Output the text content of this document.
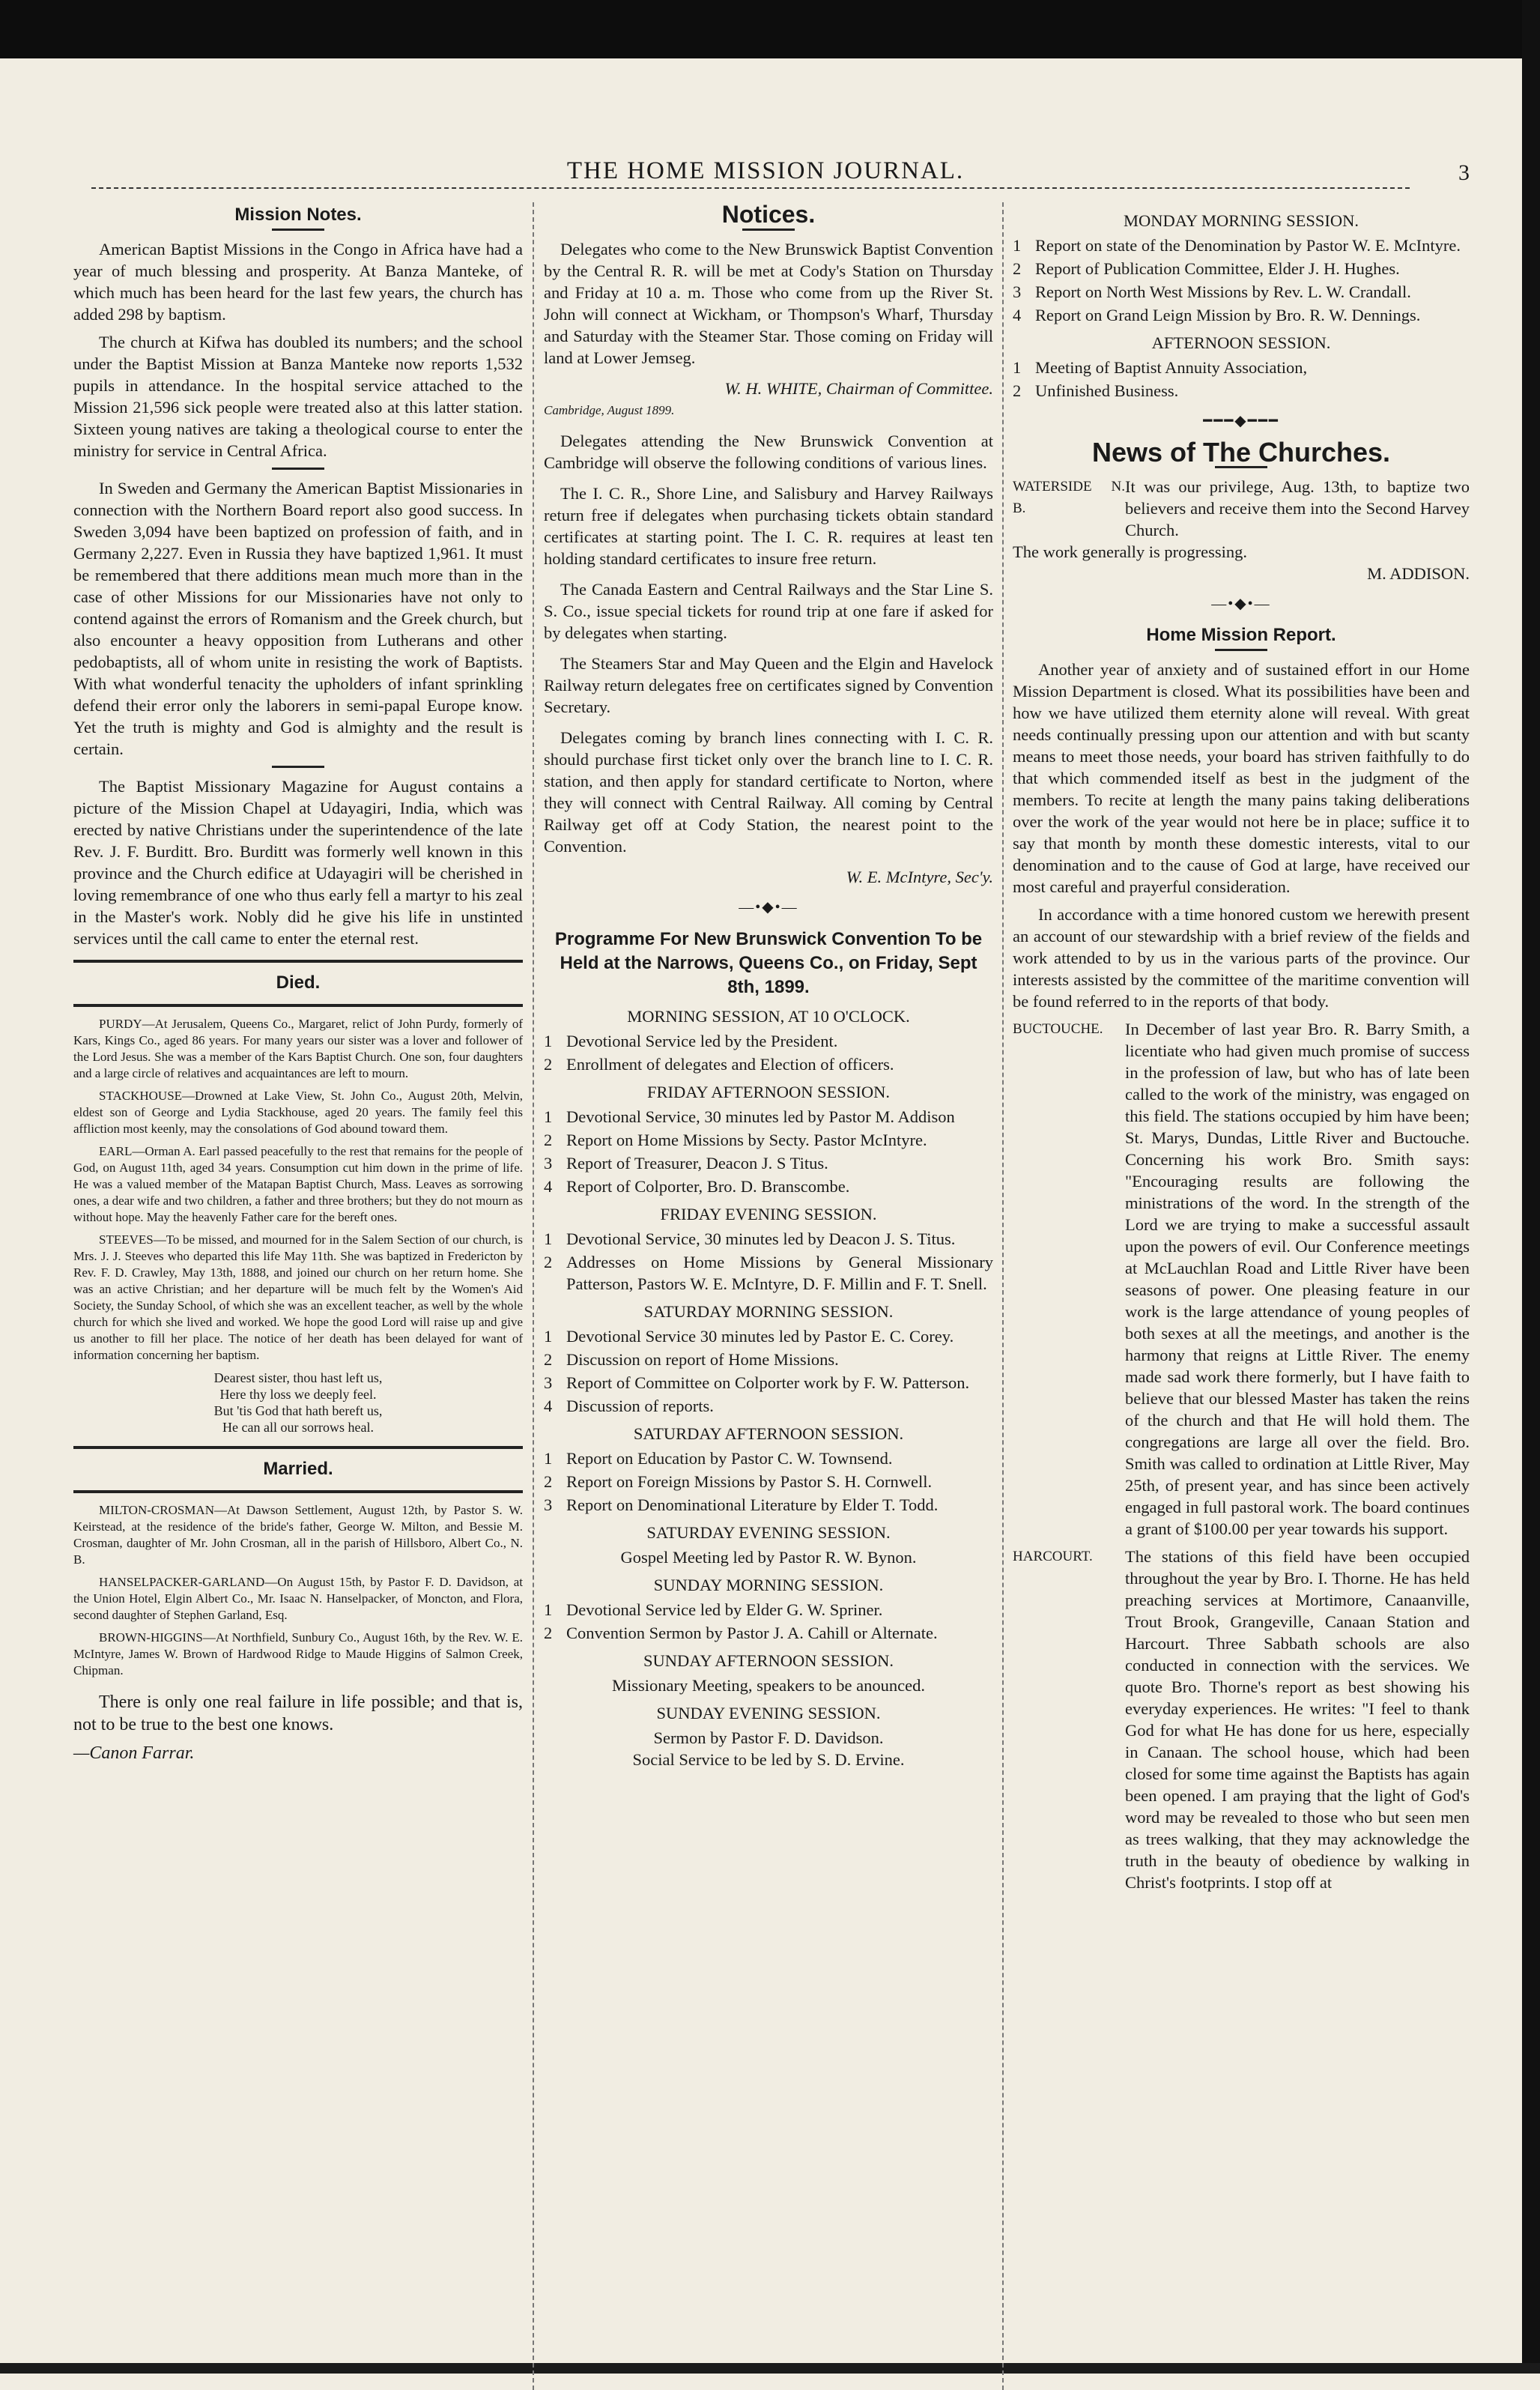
THE HOME MISSION JOURNAL.	3
Mission Notes.

American Baptist Missions in the Congo in Africa have had a year of much blessing and prosperity. At Banza Manteke, of which much has been heard for the last few years, the church has added 298 by baptism.

The church at Kifwa has doubled its numbers; and the school under the Baptist Mission at Banza Manteke now reports 1,532 pupils in attendance. In the hospital service attached to the Mission 21,596 sick people were treated also at this latter station. Sixteen young natives are taking a theological course to enter the ministry for service in Central Africa.

In Sweden and Germany the American Baptist Missionaries in connection with the Northern Board report also good success. In Sweden 3,094 have been baptized on profession of faith, and in Germany 2,227. Even in Russia they have baptized 1,961. It must be remembered that there additions mean much more than in the case of other Missions for our Missionaries have not only to contend against the errors of Romanism and the Greek church, but also encounter a heavy opposition from Lutherans and other pedobaptists, all of whom unite in resisting the work of Baptists. With what wonderful tenacity the upholders of infant sprinkling defend their error only the laborers in semi-papal Europe know. Yet the truth is mighty and God is almighty and the result is certain.

The Baptist Missionary Magazine for August contains a picture of the Mission Chapel at Udayagiri, India, which was erected by native Christians under the superintendence of the late Rev. J. F. Burditt. Bro. Burditt was formerly well known in this province and the Church edifice at Udayagiri will be cherished in loving remembrance of one who thus early fell a martyr to his zeal in the Master's work. Nobly did he give his life in unstinted services until the call came to enter the eternal rest.

Died.

PURDY—At Jerusalem, Queens Co., Margaret, relict of John Purdy, formerly of Kars, Kings Co., aged 86 years. For many years our sister was a lover and follower of the Lord Jesus. She was a member of the Kars Baptist Church. One son, four daughters and a large circle of relatives and acquaintances are left to mourn.

STACKHOUSE—Drowned at Lake View, St. John Co., August 20th, Melvin, eldest son of George and Lydia Stackhouse, aged 20 years. The family feel this affliction most keenly, may the consolations of God abound toward them.

EARL—Orman A. Earl passed peacefully to the rest that remains for the people of God, on August 11th, aged 34 years. Consumption cut him down in the prime of life. He was a valued member of the Matapan Baptist Church, Mass. Leaves as sorrowing ones, a dear wife and two children, a father and three brothers; but they do not mourn as without hope. May the heavenly Father care for the bereft ones.

STEEVES—To be missed, and mourned for in the Salem Section of our church, is Mrs. J. J. Steeves who departed this life May 11th. She was baptized in Fredericton by Rev. F. D. Crawley, May 13th, 1888, and joined our church on her return home. She was an active Christian; and her departure will be much felt by the Women's Aid Society, the Sunday School, of which she was an excellent teacher, as well by the whole church for which she lived and worked. We hope the good Lord will raise up and give us another to fill her place. The notice of her death has been delayed for want of information concerning her baptism.

Dearest sister, thou hast left us,
Here thy loss we deeply feel.
But 'tis God that hath bereft us,
He can all our sorrows heal.
Married.

MILTON-CROSMAN—At Dawson Settlement, August 12th, by Pastor S. W. Keirstead, at the residence of the bride's father, George W. Milton, and Bessie M. Crosman, daughter of Mr. John Crosman, all in the parish of Hillsboro, Albert Co., N. B.

HANSELPACKER-GARLAND—On August 15th, by Pastor F. D. Davidson, at the Union Hotel, Elgin Albert Co., Mr. Isaac N. Hanselpacker, of Moncton, and Flora, second daughter of Stephen Garland, Esq.

BROWN-HIGGINS—At Northfield, Sunbury Co., August 16th, by the Rev. W. E. McIntyre, James W. Brown of Hardwood Ridge to Maude Higgins of Salmon Creek, Chipman.

There is only one real failure in life possible; and that is, not to be true to the best one knows.

—Canon Farrar.
Notices.

Delegates who come to the New Brunswick Baptist Convention by the Central R. R. will be met at Cody's Station on Thursday and Friday at 10 a. m. Those who come from up the River St. John will connect at Wickham, or Thompson's Wharf, Thursday and Saturday with the Steamer Star. Those coming on Friday will land at Lower Jemseg.

W. H. WHITE, Chairman of Committee.
Cambridge, August 1899.

Delegates attending the New Brunswick Convention at Cambridge will observe the following conditions of various lines.

The I. C. R., Shore Line, and Salisbury and Harvey Railways return free if delegates when purchasing tickets obtain standard certificates at starting point. The I. C. R. requires at least ten holding standard certificates to insure free return.

The Canada Eastern and Central Railways and the Star Line S. S. Co., issue special tickets for round trip at one fare if asked for by delegates when starting.

The Steamers Star and May Queen and the Elgin and Havelock Railway return delegates free on certificates signed by Convention Secretary.

Delegates coming by branch lines connecting with I. C. R. should purchase first ticket only over the branch line to I. C. R. station, and then apply for standard certificate to Norton, where they will connect with Central Railway. All coming by Central Railway get off at Cody Station, the nearest point to the Convention.

W. E. McIntyre, Sec'y.
—•◆•—
Programme For New Brunswick Convention To be Held at the Narrows, Queens Co., on Friday, Sept 8th, 1899.
MORNING SESSION, AT 10 O'CLOCK.
1 Devotional Service led by the President.
2 Enrollment of delegates and Election of officers.
FRIDAY AFTERNOON SESSION.
1 Devotional Service, 30 minutes led by Pastor M. Addison
2 Report on Home Missions by Secty. Pastor McIntyre.
3 Report of Treasurer, Deacon J. S Titus.
4 Report of Colporter, Bro. D. Branscombe.
FRIDAY EVENING SESSION.
1 Devotional Service, 30 minutes led by Deacon J. S. Titus.
2 Addresses on Home Missions by General Missionary Patterson, Pastors W. E. McIntyre, D. F. Millin and F. T. Snell.
SATURDAY MORNING SESSION.
1 Devotional Service 30 minutes led by Pastor E. C. Corey.
2 Discussion on report of Home Missions.
3 Report of Committee on Colporter work by F. W. Patterson.
4 Discussion of reports.
SATURDAY AFTERNOON SESSION.
1 Report on Education by Pastor C. W. Townsend.
2 Report on Foreign Missions by Pastor S. H. Cornwell.
3 Report on Denominational Literature by Elder T. Todd.
SATURDAY EVENING SESSION.
Gospel Meeting led by Pastor R. W. Bynon.
SUNDAY MORNING SESSION.
1 Devotional Service led by Elder G. W. Spriner.
2 Convention Sermon by Pastor J. A. Cahill or Alternate.
SUNDAY AFTERNOON SESSION.
Missionary Meeting, speakers to be anounced.
SUNDAY EVENING SESSION.
Sermon by Pastor F. D. Davidson.
Social Service to be led by S. D. Ervine.
MONDAY MORNING SESSION.
1 Report on state of the Denomination by Pastor W. E. McIntyre.
2 Report of Publication Committee, Elder J. H. Hughes.
3 Report on North West Missions by Rev. L. W. Crandall.
4 Report on Grand Leign Mission by Bro. R. W. Dennings.
AFTERNOON SESSION.
1 Meeting of Baptist Annuity Association,
2 Unfinished Business.
━━━◆━━━
News of The Churches.
WATERSIDE N. B.
It was our privilege, Aug. 13th, to baptize two believers and receive them into the Second Harvey Church.
The work generally is progressing.
M. ADDISON.
—•◆•—
Home Mission Report.

Another year of anxiety and of sustained effort in our Home Mission Department is closed. What its possibilities have been and how we have utilized them eternity alone will reveal. With great needs continually pressing upon our attention and with but scanty means to meet those needs, your board has striven faithfully to do that which commended itself as best in the judgment of the members. To recite at length the many pains taking deliberations over the work of the year would not here be in place; suffice it to say that month by month these domestic interests, vital to our denomination and to the cause of God at large, have received our most careful and prayerful consideration.

In accordance with a time honored custom we herewith present an account of our stewardship with a brief review of the fields and work attended to by us in the various parts of the province. Our interests assisted by the committee of the maritime convention will be found referred to in the reports of that body.

BUCTOUCHE.	In December of last year Bro. R. Barry Smith, a licentiate who had given much promise of success in the profession of law, but who has of late been called to the work of the ministry, was engaged on this field. The stations occupied by him have been; St. Marys, Dundas, Little River and Buctouche. Concerning his work Bro. Smith says: "Encouraging results are following the ministrations of the word. In the strength of the Lord we are trying to make a successful assault upon the powers of evil. Our Conference meetings at McLauchlan Road and Little River have been seasons of power. One pleasing feature in our work is the large attendance of young peoples of both sexes at all the meetings, and another is the harmony that reigns at Little River. The enemy made sad work there formerly, but I have faith to believe that our blessed Master has taken the reins of the church and that He will hold them. The congregations are large all over the field. Bro. Smith was called to ordination at Little River, May 25th, of present year, and has since been actively engaged in full pastoral work. The board continues a grant of $100.00 per year towards his support.
HARCOURT.	The stations of this field have been occupied throughout the year by Bro. I. Thorne. He has held preaching services at Mortimore, Canaanville, Trout Brook, Grangeville, Canaan Station and Harcourt. Three Sabbath schools are also conducted in connection with the services. We quote Bro. Thorne's report as best showing his everyday experiences. He writes: "I feel to thank God for what He has done for us here, especially in Canaan. The school house, which had been closed for some time against the Baptists has again been opened. I am praying that the light of God's word may be revealed to those who but seen men as trees walking, that they may acknowledge the truth in the beauty of obedience by walking in Christ's footprints. I stop off at
